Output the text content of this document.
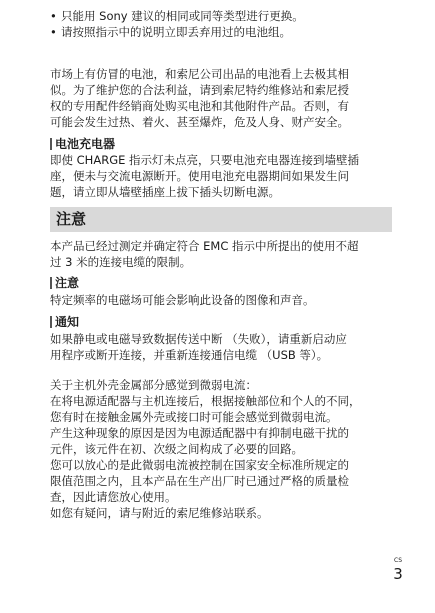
• 只能用 Sony 建议的相同或同等类型进行更换。
• 请按照指示中的说明立即丢弃用过的电池组。
市场上有仿冒的电池，和索尼公司出品的电池看上去极其相
似。为了维护您的合法利益，请到索尼特约维修站和索尼授
权的专用配件经销商处购买电池和其他附件产品。否则，有
可能会发生过热、着火、甚至爆炸，危及人身、财产安全。
电池充电器
即使 CHARGE 指示灯未点亮，只要电池充电器连接到墙壁插
座，便未与交流电源断开。使用电池充电器期间如果发生问
题，请立即从墙壁插座上拔下插头切断电源。
本产品已经过测定并确定符合 EMC 指示中所提出的使用不超
过 3 米的连接电缆的限制。
注意
特定频率的电磁场可能会影响此设备的图像和声音。
通知
如果静电或电磁导致数据传送中断 （失败），请重新启动应
用程序或断开连接，并重新连接通信电缆 （USB 等）。
关于主机外壳金属部分感觉到微弱电流：
在将电源适配器与主机连接后，根据接触部位和个人的不同，
您有时在接触金属外壳或接口时可能会感觉到微弱电流。
产生这种现象的原因是因为电源适配器中有抑制电磁干扰的
元件，该元件在初、次级之间构成了必要的回路。
您可以放心的是此微弱电流被控制在国家安全标准所规定的
限值范围之内，且本产品在生产出厂时已通过严格的质量检
查，因此请您放心使用。
如您有疑问，请与附近的索尼维修站联系。
注意
CS
3
